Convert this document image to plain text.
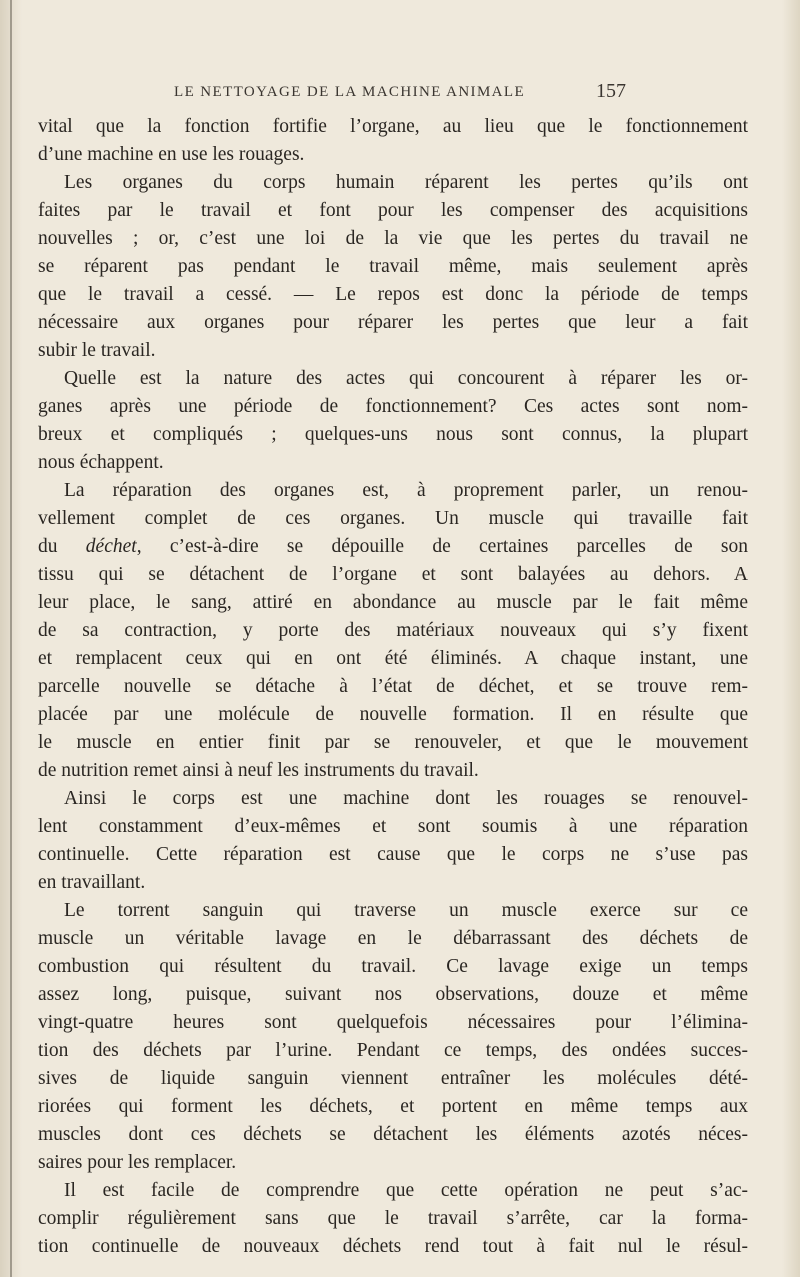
LE NETTOYAGE DE LA MACHINE ANIMALE	157
vital que la fonction fortifie l’organe, au lieu que le fonctionnement
d’une machine en use les rouages.
Les organes du corps humain réparent les pertes qu’ils ont
faites par le travail et font pour les compenser des acquisitions
nouvelles ; or, c’est une loi de la vie que les pertes du travail ne
se réparent pas pendant le travail même, mais seulement après
que le travail a cessé. — Le repos est donc la période de temps
nécessaire aux organes pour réparer les pertes que leur a fait
subir le travail.
Quelle est la nature des actes qui concourent à réparer les or-
ganes après une période de fonctionnement? Ces actes sont nom-
breux et compliqués ; quelques-uns nous sont connus, la plupart
nous échappent.
La réparation des organes est, à proprement parler, un renou-
vellement complet de ces organes. Un muscle qui travaille fait
du déchet, c’est-à-dire se dépouille de certaines parcelles de son
tissu qui se détachent de l’organe et sont balayées au dehors. A
leur place, le sang, attiré en abondance au muscle par le fait même
de sa contraction, y porte des matériaux nouveaux qui s’y fixent
et remplacent ceux qui en ont été éliminés. A chaque instant, une
parcelle nouvelle se détache à l’état de déchet, et se trouve rem-
placée par une molécule de nouvelle formation. Il en résulte que
le muscle en entier finit par se renouveler, et que le mouvement
de nutrition remet ainsi à neuf les instruments du travail.
Ainsi le corps est une machine dont les rouages se renouvel-
lent constamment d’eux-mêmes et sont soumis à une réparation
continuelle. Cette réparation est cause que le corps ne s’use pas
en travaillant.
Le torrent sanguin qui traverse un muscle exerce sur ce
muscle un véritable lavage en le débarrassant des déchets de
combustion qui résultent du travail. Ce lavage exige un temps
assez long, puisque, suivant nos observations, douze et même
vingt-quatre heures sont quelquefois nécessaires pour l’élimina-
tion des déchets par l’urine. Pendant ce temps, des ondées succes-
sives de liquide sanguin viennent entraîner les molécules dété-
riorées qui forment les déchets, et portent en même temps aux
muscles dont ces déchets se détachent les éléments azotés néces-
saires pour les remplacer.
Il est facile de comprendre que cette opération ne peut s’ac-
complir régulièrement sans que le travail s’arrête, car la forma-
tion continuelle de nouveaux déchets rend tout à fait nul le résul-
